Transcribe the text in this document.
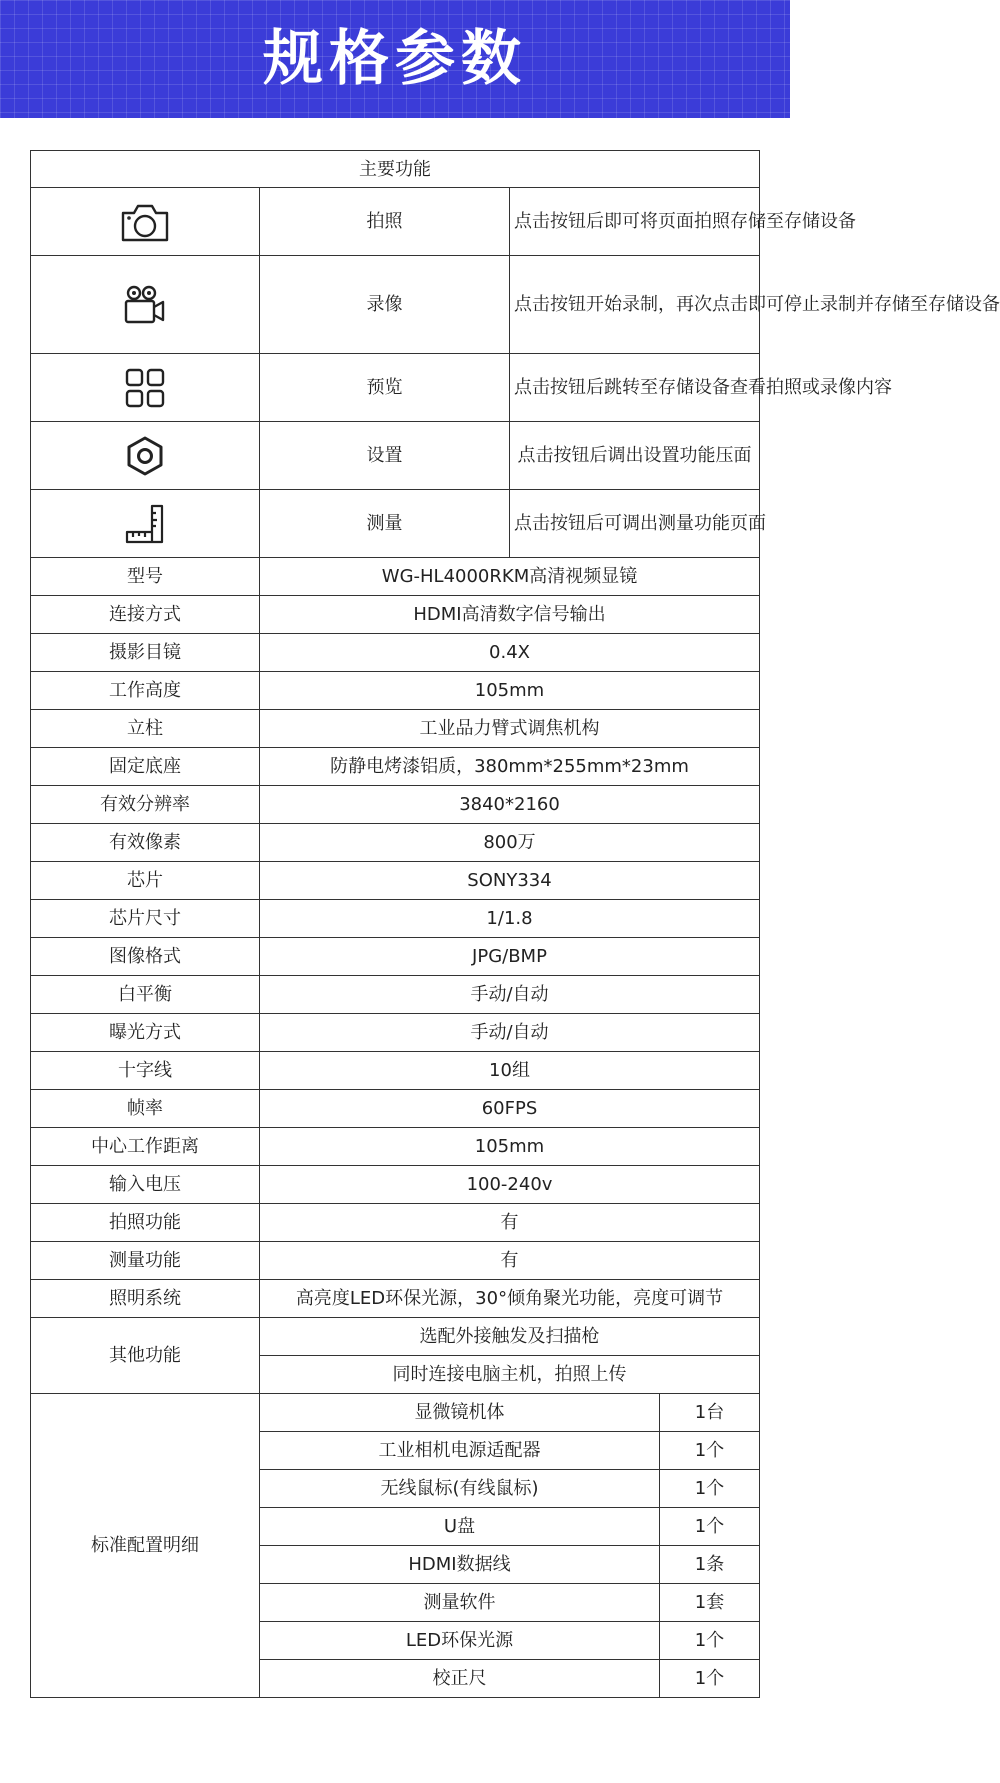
规格参数
主要功能			

	拍照	点击按钮后即可将页面拍照存储至存储设备	

	录像	点击按钮开始录制，再次点击即可停止录制并存储至存储设备	

	预览	点击按钮后跳转至存储设备查看拍照或录像内容	

	设置	点击按钮后调出设置功能压面	

	测量	点击按钮后可调出测量功能页面	
型号	WG-HL4000RKM高清视频显镜		
连接方式	HDMI高清数字信号输出		
摄影目镜	0.4X		
工作高度	105mm		
立柱	工业品力臂式调焦机构		
固定底座	防静电烤漆铝质，380mm*255mm*23mm		
有效分辨率	3840*2160		
有效像素	800万		
芯片	SONY334		
芯片尺寸	1/1.8		
图像格式	JPG/BMP		
白平衡	手动/自动		
曝光方式	手动/自动		
十字线	10组		
帧率	60FPS		
中心工作距离	105mm		
输入电压	100-240v		
拍照功能	有		
测量功能	有		
照明系统	高亮度LED环保光源，30°倾角聚光功能，亮度可调节		
其他功能	选配外接触发及扫描枪		
	同时连接电脑主机，拍照上传		
标准配置明细	显微镜机体		1台
	工业相机电源适配器		1个
	无线鼠标(有线鼠标)		1个
	U盘		1个
	HDMI数据线		1条
	测量软件		1套
	LED环保光源		1个
	校正尺		1个
